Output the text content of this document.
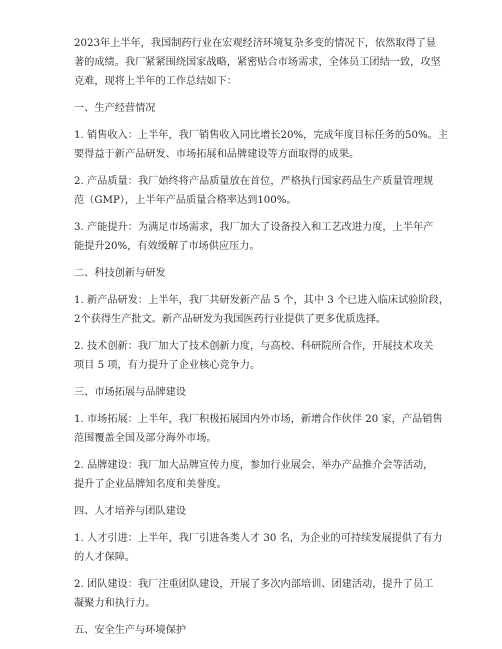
2023年上半年，我国制药行业在宏观经济环境复杂多变的情况下，依然取得了显
著的成绩。我厂紧紧围绕国家战略，紧密贴合市场需求，全体员工团结一致，攻坚
克难，现将上半年的工作总结如下：
一、生产经营情况
1. 销售收入：上半年，我厂销售收入同比增长20%，完成年度目标任务的50%。主
要得益于新产品研发、市场拓展和品牌建设等方面取得的成果。
2. 产品质量：我厂始终将产品质量放在首位，严格执行国家药品生产质量管理规
范（GMP），上半年产品质量合格率达到100%。
3. 产能提升：为满足市场需求，我厂加大了设备投入和工艺改进力度，上半年产
能提升20%，有效缓解了市场供应压力。
二、科技创新与研发
1. 新产品研发：上半年，我厂共研发新产品 5 个，其中 3 个已进入临床试验阶段，
2个获得生产批文。新产品研发为我国医药行业提供了更多优质选择。
2. 技术创新：我厂加大了技术创新力度，与高校、科研院所合作，开展技术攻关
项目 5 项，有力提升了企业核心竞争力。
三、市场拓展与品牌建设
1. 市场拓展：上半年，我厂积极拓展国内外市场，新增合作伙伴 20 家，产品销售
范围覆盖全国及部分海外市场。
2. 品牌建设：我厂加大品牌宣传力度，参加行业展会、举办产品推介会等活动，
提升了企业品牌知名度和美誉度。
四、人才培养与团队建设
1. 人才引进：上半年，我厂引进各类人才 30 名，为企业的可持续发展提供了有力
的人才保障。
2. 团队建设：我厂注重团队建设，开展了多次内部培训、团建活动，提升了员工
凝聚力和执行力。
五、安全生产与环境保护
